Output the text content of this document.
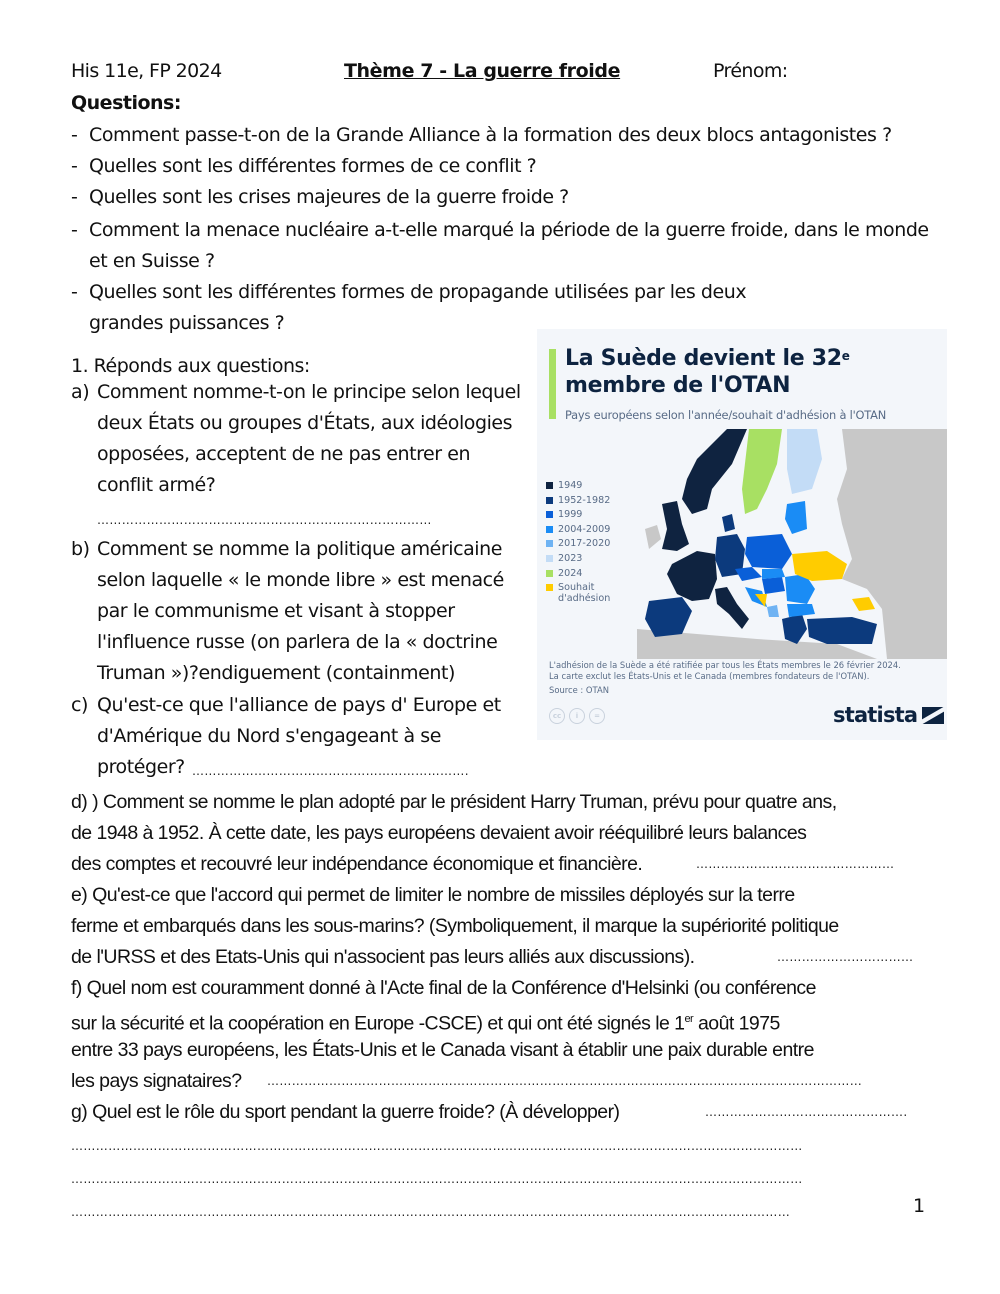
His 11e, FP 2024	Thème 7 - La guerre froide	Prénom:
Questions:
- Comment passe-t-on de la Grande Alliance à la formation des deux blocs antagonistes ?
- Quelles sont les différentes formes de ce conflit ?
- Quelles sont les crises majeures de la guerre froide ?
- Comment la menace nucléaire a-t-elle marqué la période de la guerre froide, dans le monde
et en Suisse ?
- Quelles sont les différentes formes de propagande utilisées par les deux
grandes puissances ?
1. Réponds aux questions:
a) Comment nomme-t-on le principe selon lequel
deux États ou groupes d'États, aux idéologies
opposées, acceptent de ne pas entrer en
conflit armé?
………………………………………………………………………
b) Comment se nomme la politique américaine
selon laquelle « le monde libre » est menacé
par le communisme et visant à stopper
l'influence russe (on parlera de la « doctrine
Truman »)?endiguement (containment)
c) Qu'est-ce que l'alliance de pays d' Europe et
d'Amérique du Nord s'engageant à se
protéger? ………………………………………………………….
d) ) Comment se nomme le plan adopté par le président Harry Truman, prévu pour quatre ans,
de 1948 à 1952. À cette date, les pays européens devaient avoir rééquilibré leurs balances
des comptes et recouvré leur indépendance économique et financière.	…………………………………………
e) Qu'est-ce que l'accord qui permet de limiter le nombre de missiles déployés sur la terre
ferme et embarqués dans les sous-marins? (Symboliquement, il marque la supériorité politique
de l'URSS et des Etats-Unis qui n'associent pas leurs alliés aux discussions).	……………………………
f) Quel nom est couramment donné à l'Acte final de la Conférence d'Helsinki (ou conférence
sur la sécurité et la coopération en Europe -CSCE) et qui ont été signés le 1er août 1975
entre 33 pays européens, les États-Unis et le Canada visant à établir une paix durable entre
les pays signataires? ………………………………………………………………………………………………………………………………
g) Quel est le rôle du sport pendant la guerre froide? (À développer)	………………………………………….
……………………………………………………………………………………………………………………………………………………………
……………………………………………………………………………………………………………………………………………………………
…………………………………………………………………………………………………………………………………………………………	1
La Suède devient le 32e
membre de l'OTAN
Pays européens selon l'année/souhait d'adhésion à l'OTAN
1949
1952-1982
1999
2004-2009
2017-2020
2023
2024
Souhait
d'adhésion
L'adhésion de la Suède a été ratifiée par tous les États membres le 26 février 2024.
La carte exclut les États-Unis et le Canada (membres fondateurs de l'OTAN).
Source : OTAN
cc	i	=	statista
